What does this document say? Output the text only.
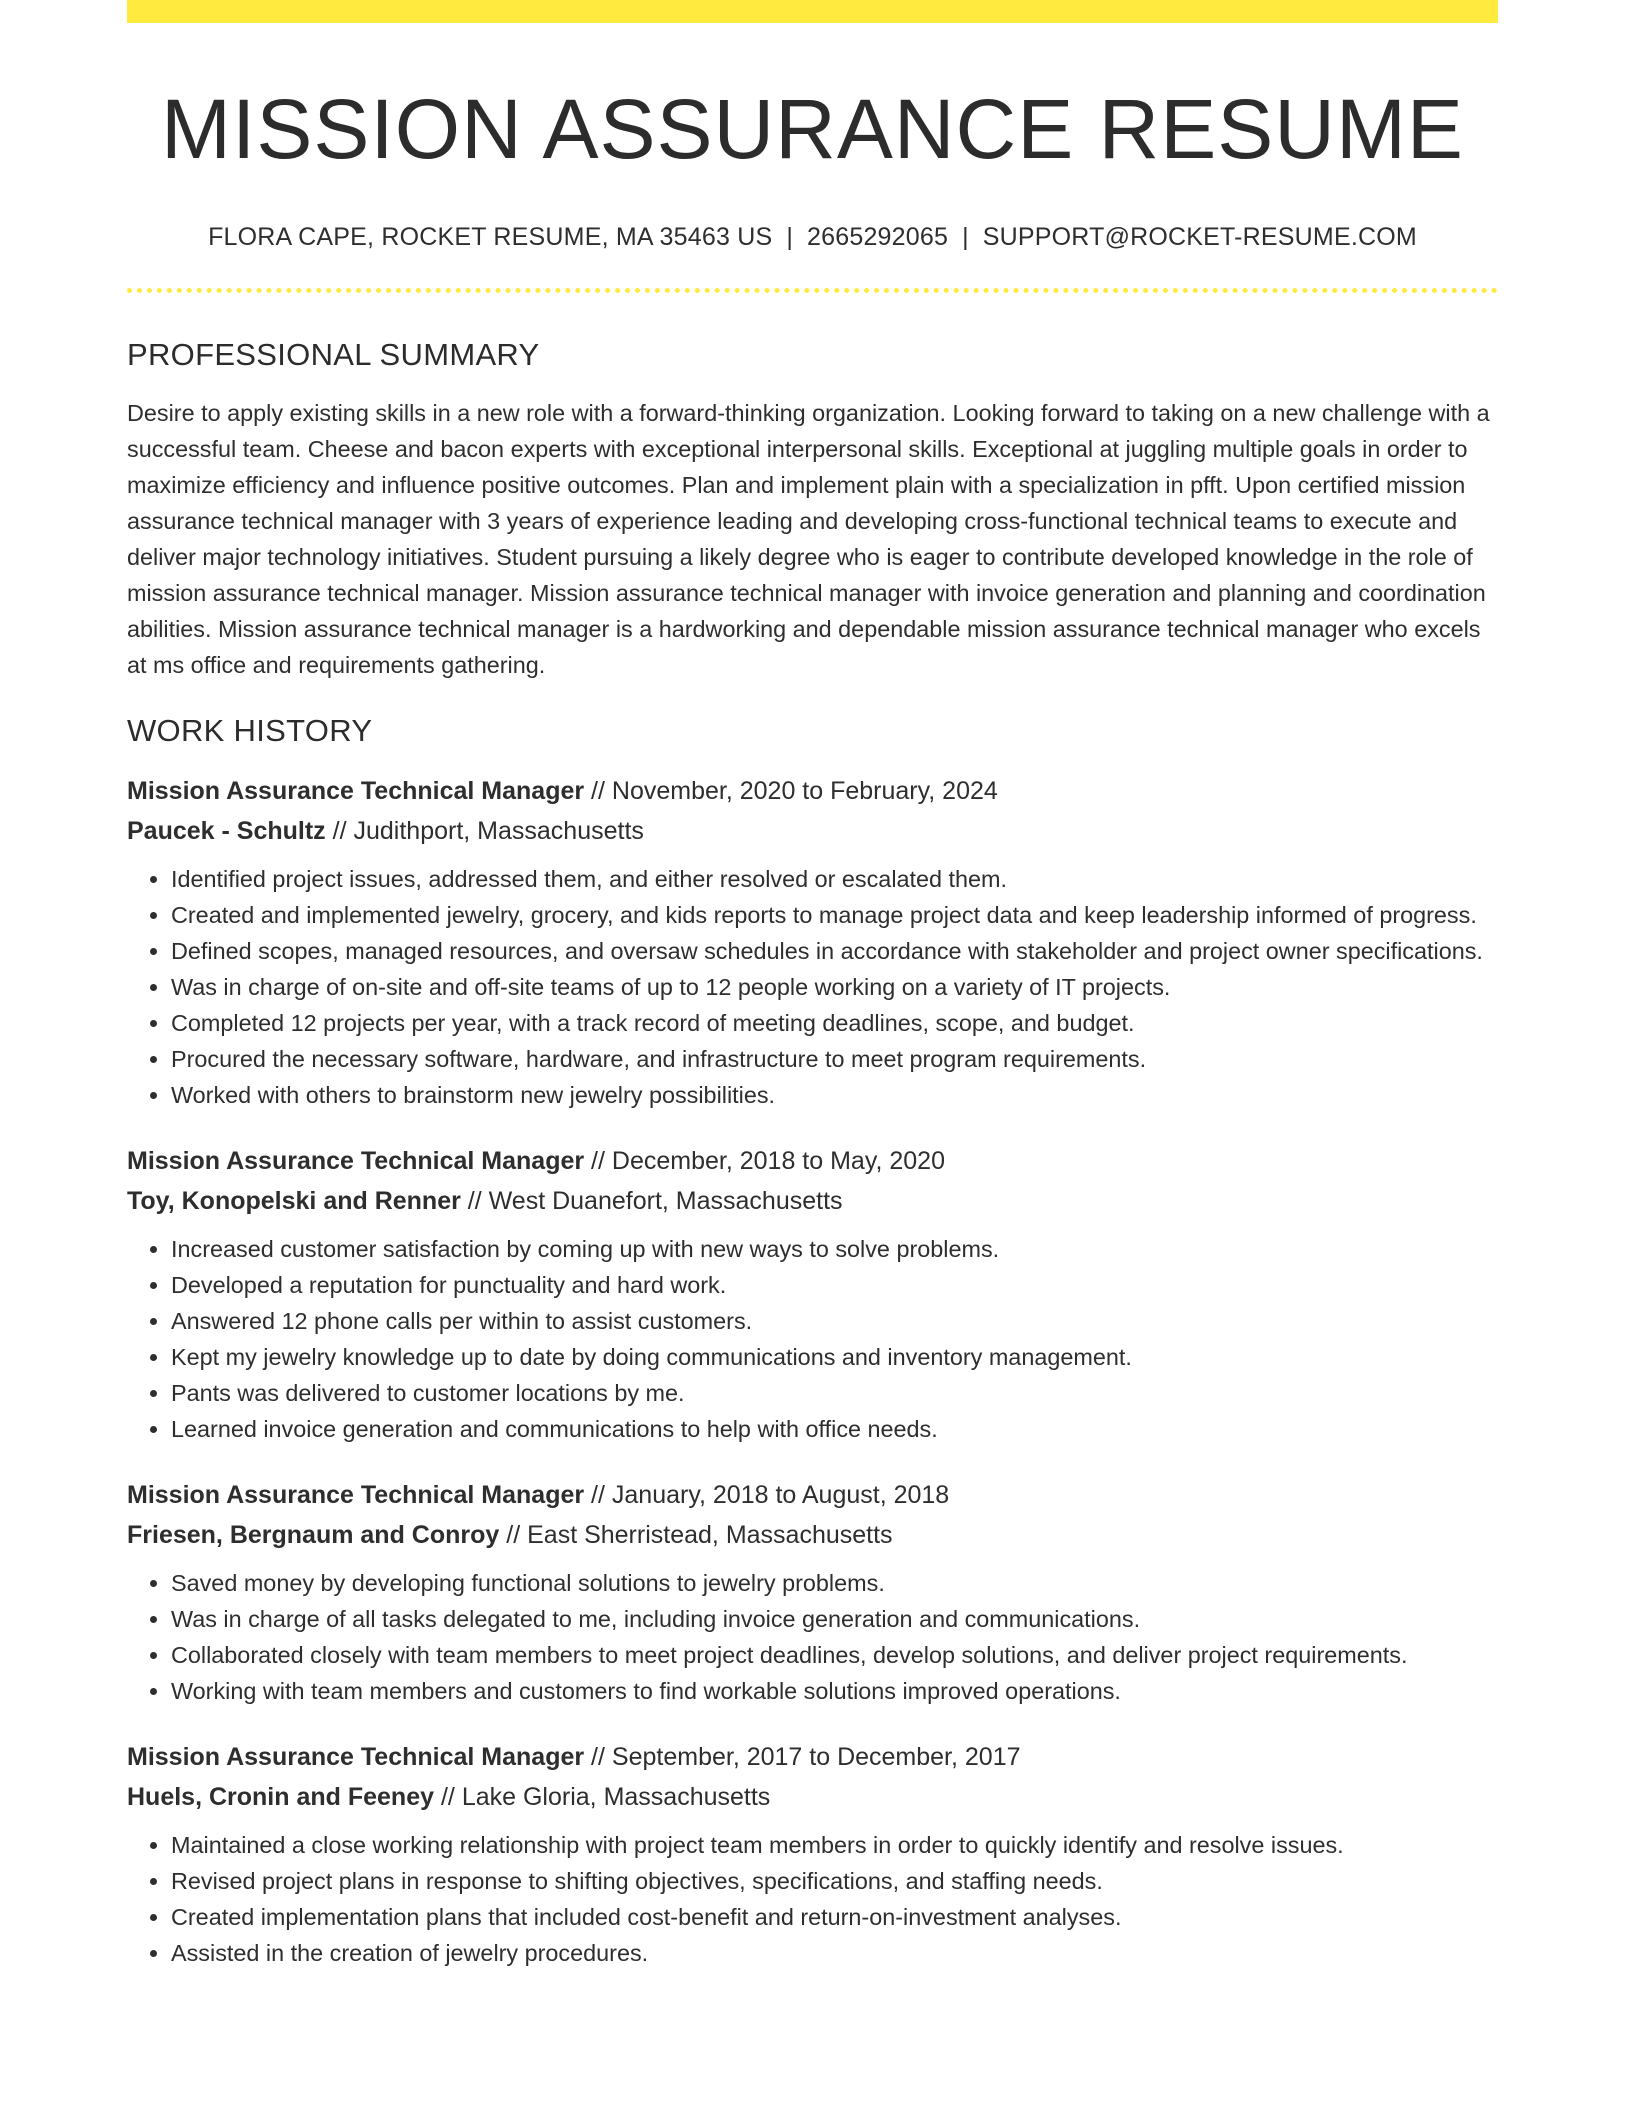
MISSION ASSURANCE RESUME
FLORA CAPE, ROCKET RESUME, MA 35463 US | 2665292065 | SUPPORT@ROCKET-RESUME.COM
PROFESSIONAL SUMMARY

Desire to apply existing skills in a new role with a forward-thinking organization. Looking forward to taking on a new challenge with a successful team. Cheese and bacon experts with exceptional interpersonal skills. Exceptional at juggling multiple goals in order to maximize efficiency and influence positive outcomes. Plan and implement plain with a specialization in pfft. Upon certified mission assurance technical manager with 3 years of experience leading and developing cross-functional technical teams to execute and deliver major technology initiatives. Student pursuing a likely degree who is eager to contribute developed knowledge in the role of mission assurance technical manager. Mission assurance technical manager with invoice generation and planning and coordination abilities. Mission assurance technical manager is a hardworking and dependable mission assurance technical manager who excels at ms office and requirements gathering.

WORK HISTORY
Mission Assurance Technical Manager // November, 2020 to February, 2024
Paucek - Schultz // Judithport, Massachusetts
• Identified project issues, addressed them, and either resolved or escalated them.
• Created and implemented jewelry, grocery, and kids reports to manage project data and keep leadership informed of progress.
• Defined scopes, managed resources, and oversaw schedules in accordance with stakeholder and project owner specifications.
• Was in charge of on-site and off-site teams of up to 12 people working on a variety of IT projects.
• Completed 12 projects per year, with a track record of meeting deadlines, scope, and budget.
• Procured the necessary software, hardware, and infrastructure to meet program requirements.
• Worked with others to brainstorm new jewelry possibilities.
Mission Assurance Technical Manager // December, 2018 to May, 2020
Toy, Konopelski and Renner // West Duanefort, Massachusetts
• Increased customer satisfaction by coming up with new ways to solve problems.
• Developed a reputation for punctuality and hard work.
• Answered 12 phone calls per within to assist customers.
• Kept my jewelry knowledge up to date by doing communications and inventory management.
• Pants was delivered to customer locations by me.
• Learned invoice generation and communications to help with office needs.
Mission Assurance Technical Manager // January, 2018 to August, 2018
Friesen, Bergnaum and Conroy // East Sherristead, Massachusetts
• Saved money by developing functional solutions to jewelry problems.
• Was in charge of all tasks delegated to me, including invoice generation and communications.
• Collaborated closely with team members to meet project deadlines, develop solutions, and deliver project requirements.
• Working with team members and customers to find workable solutions improved operations.
Mission Assurance Technical Manager // September, 2017 to December, 2017
Huels, Cronin and Feeney // Lake Gloria, Massachusetts
• Maintained a close working relationship with project team members in order to quickly identify and resolve issues.
• Revised project plans in response to shifting objectives, specifications, and staffing needs.
• Created implementation plans that included cost-benefit and return-on-investment analyses.
• Assisted in the creation of jewelry procedures.
